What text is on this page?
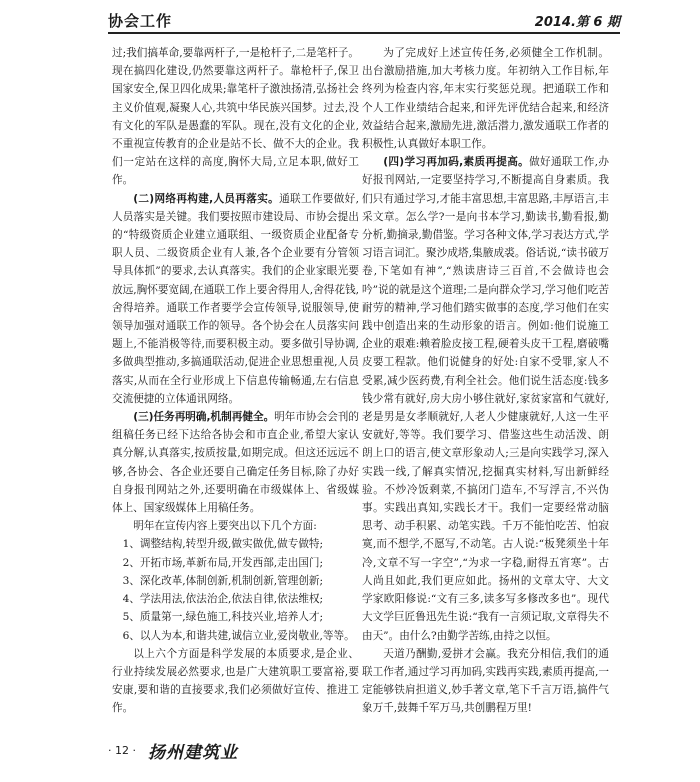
协会工作	2014.第 6 期

过;我们搞革命,要靠两杆子,一是枪杆子,二是笔杆子。现在搞四化建设,仍然要靠这两杆子。靠枪杆子,保卫国家安全,保卫四化成果;靠笔杆子激浊扬清,弘扬社会主义价值观,凝聚人心,共筑中华民族兴国梦。过去,没有文化的军队是愚蠢的军队。现在,没有文化的企业,不重视宣传教育的企业是站不长、做不大的企业。我们一定站在这样的高度,胸怀大局,立足本职,做好工作。

(二)网络再构建,人员再落实。通联工作要做好,人员落实是关键。我们要按照市建设局、市协会提出的“特级资质企业建立通联组、一级资质企业配备专职人员、二级资质企业有人兼,各个企业要有分管领导具体抓”的要求,去认真落实。我们的企业家眼光要放远,胸怀要宽阔,在通联工作上要舍得用人,舍得花钱,舍得培养。通联工作者要学会宣传领导,说服领导,使领导加强对通联工作的领导。各个协会在人员落实问题上,不能消极等待,而要积极主动。要多做引导协调,多做典型推动,多搞通联活动,促进企业思想重视,人员落实,从而在全行业形成上下信息传输畅通,左右信息交流便捷的立体通讯网络。

(三)任务再明确,机制再健全。明年市协会会刊的组稿任务已经下达给各协会和市直企业,希望大家认真分解,认真落实,按质按量,如期完成。但这还远远不够,各协会、各企业还要自己确定任务目标,除了办好自身报刊网站之外,还要明确在市级媒体上、省级媒体上、国家级媒体上用稿任务。

明年在宣传内容上要突出以下几个方面:

1、调整结构,转型升级,做实做优,做专做特;

2、开拓市场,革新布局,开发西部,走出国门;

3、深化改革,体制创新,机制创新,管理创新;

4、学法用法,依法治企,依法自律,依法维权;

5、质量第一,绿色施工,科技兴业,培养人才;

6、以人为本,和谐共建,诚信立业,爱岗敬业,等等。

以上六个方面是科学发展的本质要求,是企业、行业持续发展必然要求,也是广大建筑职工要富裕,要安康,要和谐的直接要求,我们必须做好宣传、推进工作。

为了完成好上述宣传任务,必须健全工作机制。出台激励措施,加大考核力度。年初纳入工作目标,年终列为检查内容,年末实行奖惩兑现。把通联工作和个人工作业绩结合起来,和评先评优结合起来,和经济效益结合起来,激励先进,激活潜力,激发通联工作者的积极性,认真做好本职工作。

(四)学习再加码,素质再提高。做好通联工作,办好报刊网站,一定要坚持学习,不断提高自身素质。我们只有通过学习,才能丰富思想,丰富思路,丰厚语言,丰采文章。怎么学?一是向书本学习,勤读书,勤看报,勤分析,勤摘录,勤借鉴。学习各种文体,学习表达方式,学习语言词汇。聚沙成塔,集腋成裘。俗话说,“读书破万卷,下笔如有神”,“熟读唐诗三百首,不会做诗也会吟”说的就是这个道理;二是向群众学习,学习他们吃苦耐劳的精神,学习他们踏实做事的态度,学习他们在实践中创造出来的生动形象的语言。例如:他们说施工企业的艰难:赖着脸皮接工程,硬着头皮干工程,磨破嘴皮要工程款。他们说健身的好处:自家不受罪,家人不受累,减少医药费,有利全社会。他们说生活态度:钱多钱少常有就好,房大房小够住就好,家贫家富和气就好,老是男是女孝顺就好,人老人少健康就好,人这一生平安就好,等等。我们要学习、借鉴这些生动活泼、朗朗上口的语言,使文章形象动人;三是向实践学习,深入实践一线,了解真实情况,挖掘真实材料,写出新鲜经验。不炒冷饭剩菜,不搞闭门造车,不写浮言,不兴伪事。实践出真知,实践长才干。我们一定要经常动脑思考、动手积累、动笔实践。千万不能怕吃苦、怕寂寞,而不想学,不愿写,不动笔。古人说:“板凳须坐十年冷,文章不写一字空”,“为求一字稳,耐得五宵寒”。古人尚且如此,我们更应如此。扬州的文章太守、大文学家欧阳修说:“文有三多,读多写多修改多也”。现代大文学巨匠鲁迅先生说:“我有一言须记取,文章得失不由天”。由什么?由勤学苦练,由持之以恒。

天道乃酬勤,爱拼才会赢。我充分相信,我们的通联工作者,通过学习再加码,实践再实践,素质再提高,一定能够铁肩担道义,妙手著文章,笔下千言万语,搞件气象万千,鼓舞千军万马,共创鹏程万里!

· 12 · 扬州建筑业
